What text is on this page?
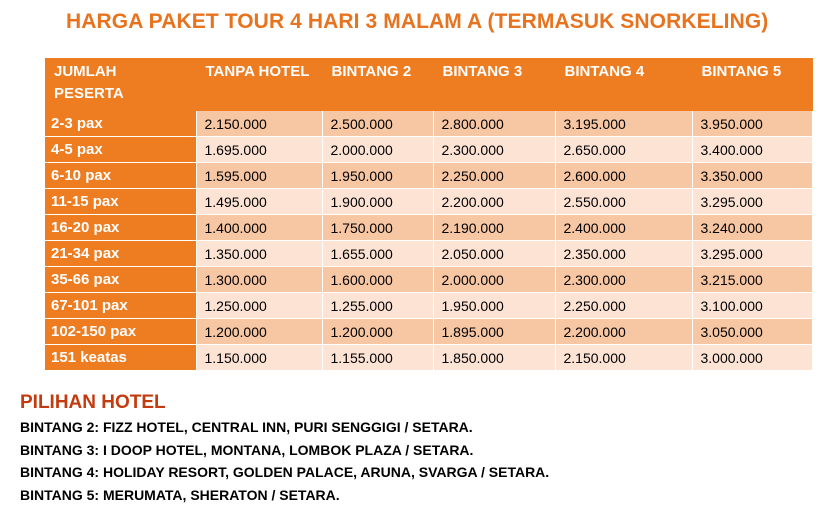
HARGA PAKET TOUR 4 HARI 3 MALAM A (TERMASUK SNORKELING)
JUMLAH PESERTA	TANPA HOTEL	BINTANG 2	BINTANG 3	BINTANG 4	BINTANG 5
2-3 pax	2.150.000	2.500.000	2.800.000	3.195.000	3.950.000
4-5 pax	1.695.000	2.000.000	2.300.000	2.650.000	3.400.000
6-10 pax	1.595.000	1.950.000	2.250.000	2.600.000	3.350.000
11-15 pax	1.495.000	1.900.000	2.200.000	2.550.000	3.295.000
16-20 pax	1.400.000	1.750.000	2.190.000	2.400.000	3.240.000
21-34 pax	1.350.000	1.655.000	2.050.000	2.350.000	3.295.000
35-66 pax	1.300.000	1.600.000	2.000.000	2.300.000	3.215.000
67-101 pax	1.250.000	1.255.000	1.950.000	2.250.000	3.100.000
102-150 pax	1.200.000	1.200.000	1.895.000	2.200.000	3.050.000
151 keatas	1.150.000	1.155.000	1.850.000	2.150.000	3.000.000
PILIHAN HOTEL
BINTANG 2: FIZZ HOTEL, CENTRAL INN, PURI SENGGIGI / SETARA.
BINTANG 3: I DOOP HOTEL, MONTANA, LOMBOK PLAZA / SETARA.
BINTANG 4: HOLIDAY RESORT, GOLDEN PALACE, ARUNA, SVARGA / SETARA.
BINTANG 5: MERUMATA, SHERATON / SETARA.
